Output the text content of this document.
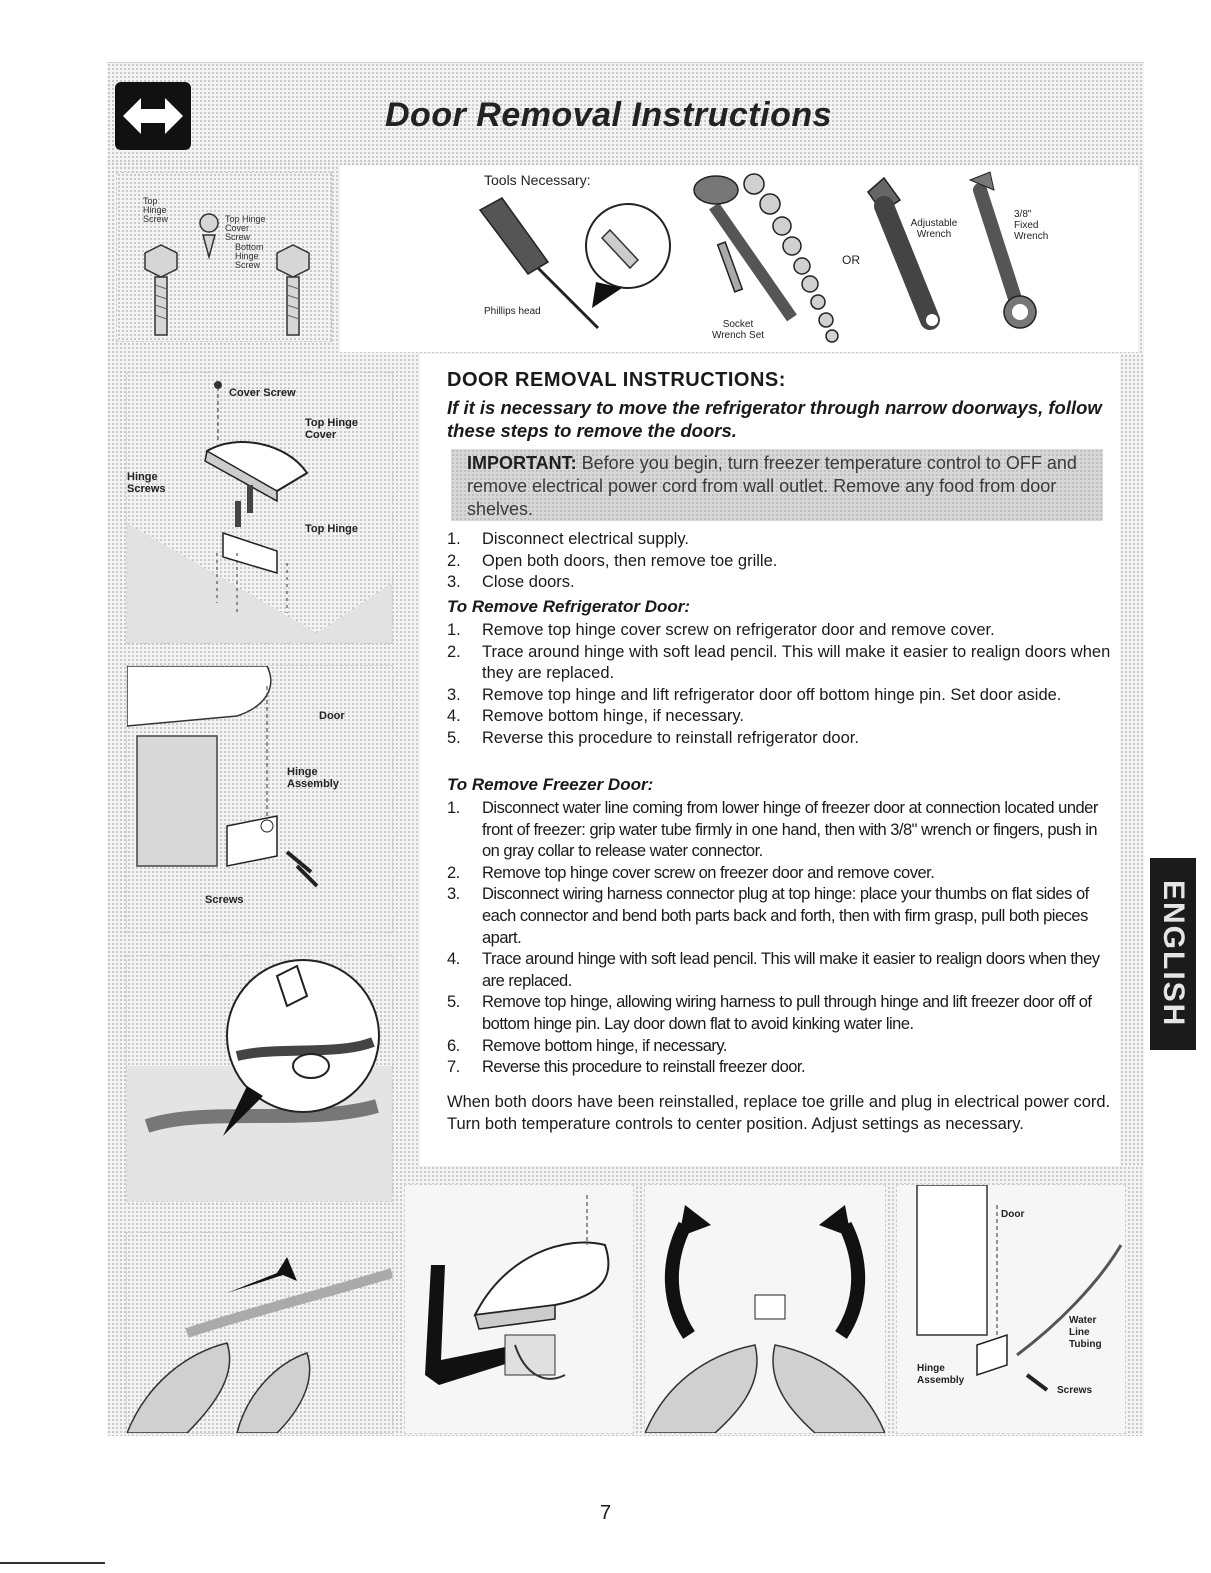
Door Removal Instructions
Top Hinge Screw	Top Hinge Cover Screw
Bottom Hinge Screw
Tools Necessary:
Phillips head
Socket
Wrench Set
OR
Adjustable
Wrench
3/8"
Fixed
Wrench
Cover Screw
Top Hinge
Cover
Hinge
Screws
Top Hinge
Door
Hinge
Assembly
Screws
DOOR REMOVAL INSTRUCTIONS:
If it is necessary to move the refrigerator through narrow doorways, follow these steps to remove the doors.
IMPORTANT: Before you begin, turn freezer temperature control to OFF and remove electrical power cord from wall outlet. Remove any food from door shelves.
1. Disconnect electrical supply.
2. Open both doors, then remove toe grille.
3. Close doors.
To Remove Refrigerator Door:
1. Remove top hinge cover screw on refrigerator door and remove cover.
2. Trace around hinge with soft lead pencil. This will make it easier to realign doors when they are replaced.
3. Remove top hinge and lift refrigerator door off bottom hinge pin. Set door aside.
4. Remove bottom hinge, if necessary.
5. Reverse this procedure to reinstall refrigerator door.
To Remove Freezer Door:
1. Disconnect water line coming from lower hinge of freezer door at connection located under front of freezer: grip water tube firmly in one hand, then with 3/8" wrench or fingers, push in on gray collar to release water connector.
2. Remove top hinge cover screw on freezer door and remove cover.
3. Disconnect wiring harness connector plug at top hinge: place your thumbs on flat sides of each connector and bend both parts back and forth, then with firm grasp, pull both pieces apart.
4. Trace around hinge with soft lead pencil. This will make it easier to realign doors when they are replaced.
5. Remove top hinge, allowing wiring harness to pull through hinge and lift freezer door off of bottom hinge pin. Lay door down flat to avoid kinking water line.
6. Remove bottom hinge, if necessary.
7. Reverse this procedure to reinstall freezer door.
When both doors have been reinstalled, replace toe grille and plug in electrical power cord. Turn both temperature controls to center position. Adjust settings as necessary.
ENGLISH
Door
Water
Line
Tubing
Hinge
Assembly
Screws
7
